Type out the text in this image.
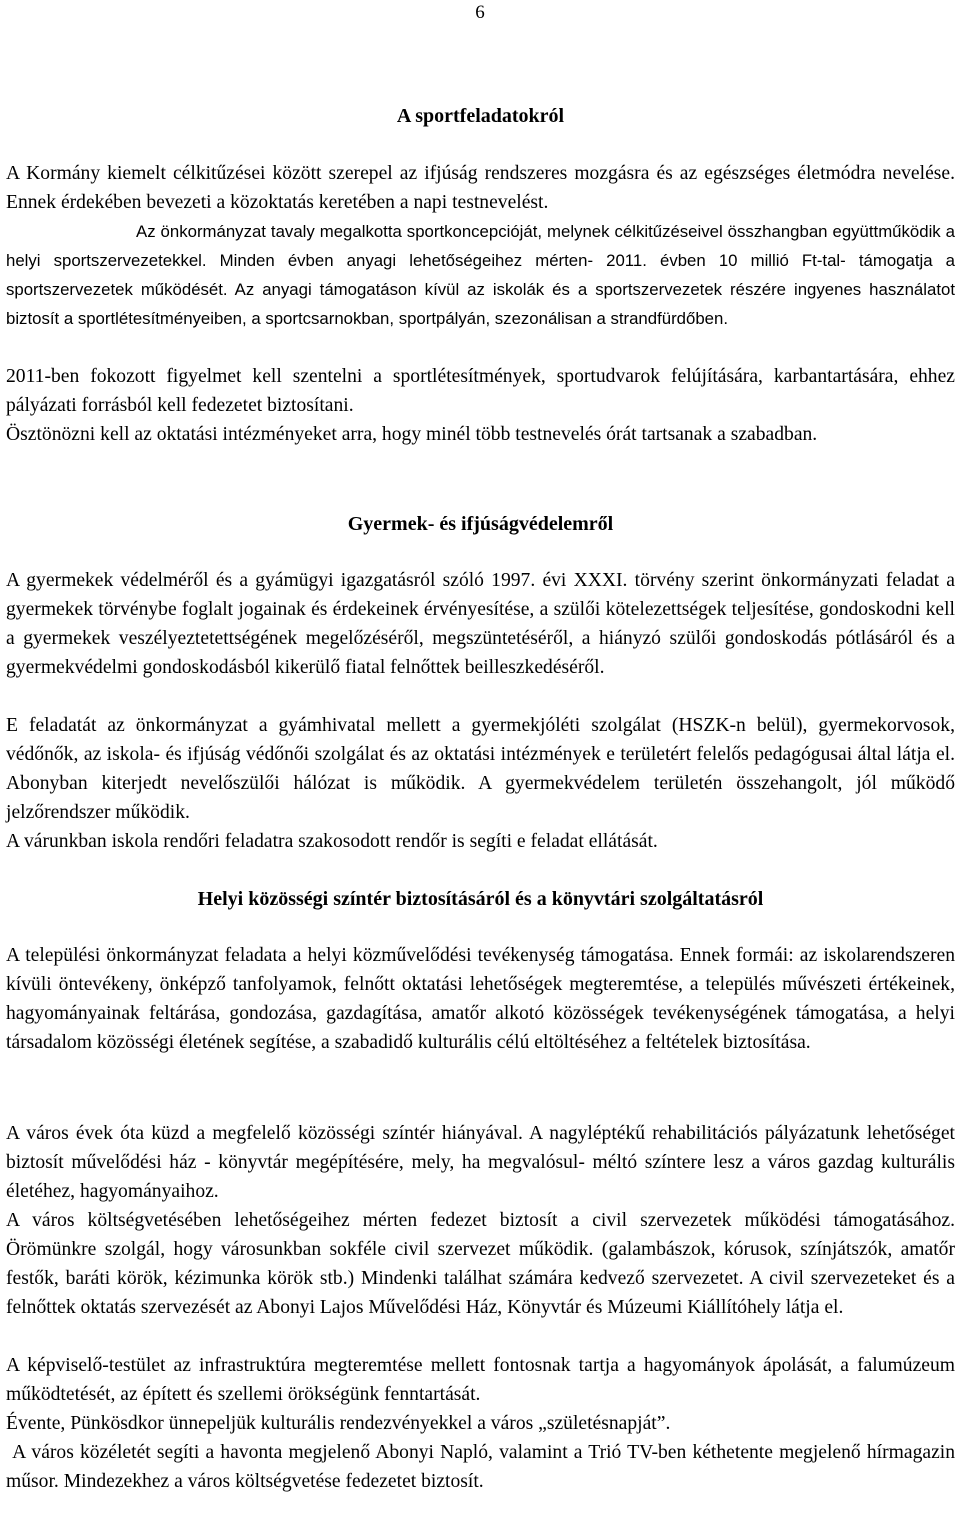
6
A sportfeladatokról

A Kormány kiemelt célkitűzései között szerepel az ifjúság rendszeres mozgásra és az egészséges életmódra nevelése. Ennek érdekében bevezeti a közoktatás keretében a napi testnevelést.

Az önkormányzat tavaly megalkotta sportkoncepcióját, melynek célkitűzéseivel összhangban együttműködik a helyi sportszervezetekkel. Minden évben anyagi lehetőségeihez mérten- 2011. évben 10 millió Ft-tal- támogatja a sportszervezetek működését. Az anyagi támogatáson kívül az iskolák és a sportszervezetek részére ingyenes használatot biztosít a sportlétesítményeiben, a sportcsarnokban, sportpályán, szezonálisan a strandfürdőben.

2011-ben fokozott figyelmet kell szentelni a sportlétesítmények, sportudvarok felújítására, karbantartására, ehhez pályázati forrásból kell fedezetet biztosítani.

Ösztönözni kell az oktatási intézményeket arra, hogy minél több testnevelés órát tartsanak a szabadban.

Gyermek- és ifjúságvédelemről

A gyermekek védelméről és a gyámügyi igazgatásról szóló 1997. évi XXXI. törvény szerint önkormányzati feladat a gyermekek törvénybe foglalt jogainak és érdekeinek érvényesítése, a szülői kötelezettségek teljesítése, gondoskodni kell a gyermekek veszélyeztetettségének megelőzéséről, megszüntetéséről, a hiányzó szülői gondoskodás pótlásáról és a gyermekvédelmi gondoskodásból kikerülő fiatal felnőttek beilleszkedéséről.

E feladatát az önkormányzat a gyámhivatal mellett a gyermekjóléti szolgálat (HSZK-n belül), gyermekorvosok, védőnők, az iskola- és ifjúság védőnői szolgálat és az oktatási intézmények e területért felelős pedagógusai által látja el. Abonyban kiterjedt nevelőszülői hálózat is működik. A gyermekvédelem területén összehangolt, jól működő jelzőrendszer működik.

A várunkban iskola rendőri feladatra szakosodott rendőr is segíti e feladat ellátását.

Helyi közösségi színtér biztosításáról és a könyvtári szolgáltatásról

A települési önkormányzat feladata a helyi közművelődési tevékenység támogatása. Ennek formái: az iskolarendszeren kívüli öntevékeny, önképző tanfolyamok, felnőtt oktatási lehetőségek megteremtése, a település művészeti értékeinek, hagyományainak feltárása, gondozása, gazdagítása, amatőr alkotó közösségek tevékenységének támogatása, a helyi társadalom közösségi életének segítése, a szabadidő kulturális célú eltöltéséhez a feltételek biztosítása.

A város évek óta küzd a megfelelő közösségi színtér hiányával. A nagyléptékű rehabilitációs pályázatunk lehetőséget biztosít művelődési ház - könyvtár megépítésére, mely, ha megvalósul- méltó színtere lesz a város gazdag kulturális életéhez, hagyományaihoz.

A város költségvetésében lehetőségeihez mérten fedezet biztosít a civil szervezetek működési támogatásához. Örömünkre szolgál, hogy városunkban sokféle civil szervezet működik. (galambászok, kórusok, színjátszók, amatőr festők, baráti körök, kézimunka körök stb.) Mindenki találhat számára kedvező szervezetet. A civil szervezeteket és a felnőttek oktatás szervezését az Abonyi Lajos Művelődési Ház, Könyvtár és Múzeumi Kiállítóhely látja el.

A képviselő-testület az infrastruktúra megteremtése mellett fontosnak tartja a hagyományok ápolását, a falumúzeum működtetését, az épített és szellemi örökségünk fenntartását.

Évente, Pünkösdkor ünnepeljük kulturális rendezvényekkel a város „születésnapját”.

A város közéletét segíti a havonta megjelenő Abonyi Napló, valamint a Trió TV-ben kéthetente megjelenő hírmagazin műsor. Mindezekhez a város költségvetése fedezetet biztosít.
